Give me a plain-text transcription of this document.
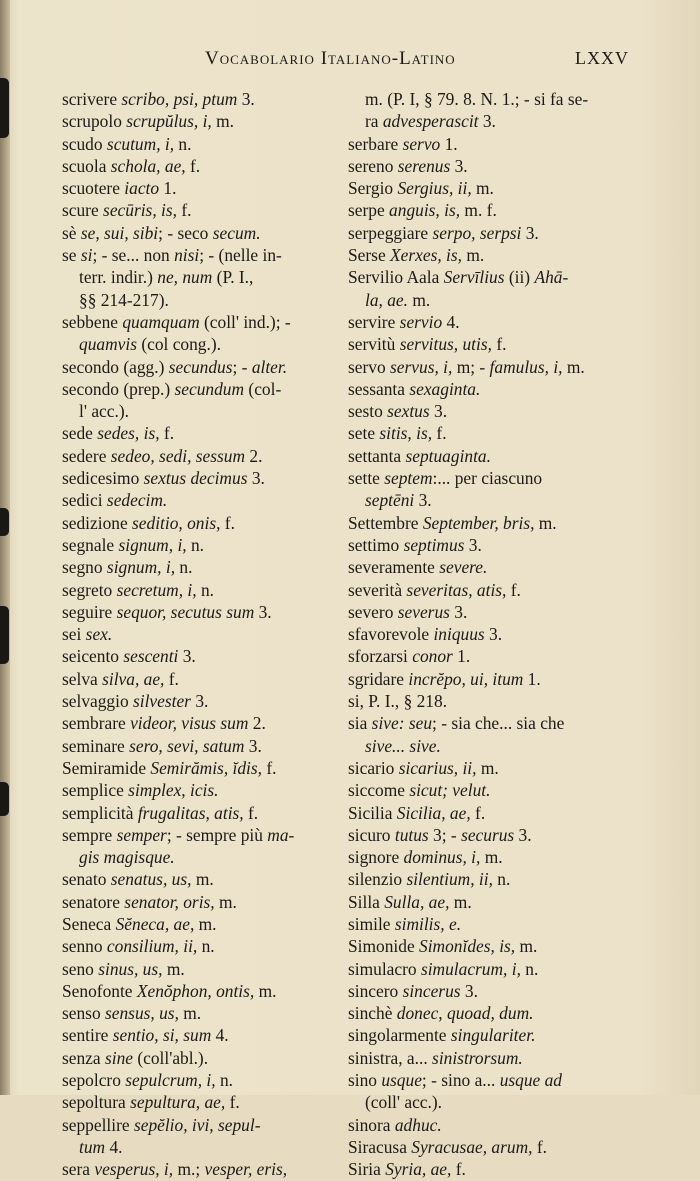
Vocabolario Italiano-Latino	LXXV
scrivere scribo, psi, ptum 3.
scrupolo scrupŭlus, i, m.
scudo scutum, i, n.
scuola schola, ae, f.
scuotere iacto 1.
scure secūris, is, f.
sè se, sui, sibi; - seco secum.
se si; - se... non nisi; - (nelle in-
terr. indir.) ne, num (P. I.,
§§ 214-217).
sebbene quamquam (coll' ind.); -
quamvis (col cong.).
secondo (agg.) secundus; - alter.
secondo (prep.) secundum (col-
l' acc.).
sede sedes, is, f.
sedere sedeo, sedi, sessum 2.
sedicesimo sextus decimus 3.
sedici sedecim.
sedizione seditio, onis, f.
segnale signum, i, n.
segno signum, i, n.
segreto secretum, i, n.
seguire sequor, secutus sum 3.
sei sex.
seicento sescenti 3.
selva silva, ae, f.
selvaggio silvester 3.
sembrare videor, visus sum 2.
seminare sero, sevi, satum 3.
Semiramide Semirămis, ĭdis, f.
semplice simplex, icis.
semplicità frugalitas, atis, f.
sempre semper; - sempre più ma-
gis magisque.
senato senatus, us, m.
senatore senator, oris, m.
Seneca Sĕneca, ae, m.
senno consilium, ii, n.
seno sinus, us, m.
Senofonte Xenŏphon, ontis, m.
senso sensus, us, m.
sentire sentio, si, sum 4.
senza sine (coll'abl.).
sepolcro sepulcrum, i, n.
sepoltura sepultura, ae, f.
seppellire sepĕlio, ivi, sepul-
tum 4.
sera vesperus, i, m.; vesper, eris,
m. (P. I, § 79. 8. N. 1.; - si fa se-
ra advesperascit 3.
serbare servo 1.
sereno serenus 3.
Sergio Sergius, ii, m.
serpe anguis, is, m. f.
serpeggiare serpo, serpsi 3.
Serse Xerxes, is, m.
Servilio Aala Servīlius (ii) Ahā-
la, ae. m.
servire servio 4.
servitù servitus, utis, f.
servo servus, i, m; - famulus, i, m.
sessanta sexaginta.
sesto sextus 3.
sete sitis, is, f.
settanta septuaginta.
sette septem:... per ciascuno
septēni 3.
Settembre September, bris, m.
settimo septimus 3.
severamente severe.
severità severitas, atis, f.
severo severus 3.
sfavorevole iniquus 3.
sforzarsi conor 1.
sgridare incrĕpo, ui, itum 1.
si, P. I., § 218.
sia sive: seu; - sia che... sia che
sive... sive.
sicario sicarius, ii, m.
siccome sicut; velut.
Sicilia Sicilia, ae, f.
sicuro tutus 3; - securus 3.
signore dominus, i, m.
silenzio silentium, ii, n.
Silla Sulla, ae, m.
simile similis, e.
Simonide Simonĭdes, is, m.
simulacro simulacrum, i, n.
sincero sincerus 3.
sinchè donec, quoad, dum.
singolarmente singulariter.
sinistra, a... sinistrorsum.
sino usque; - sino a... usque ad
(coll' acc.).
sinora adhuc.
Siracusa Syracusae, arum, f.
Siria Syria, ae, f.
